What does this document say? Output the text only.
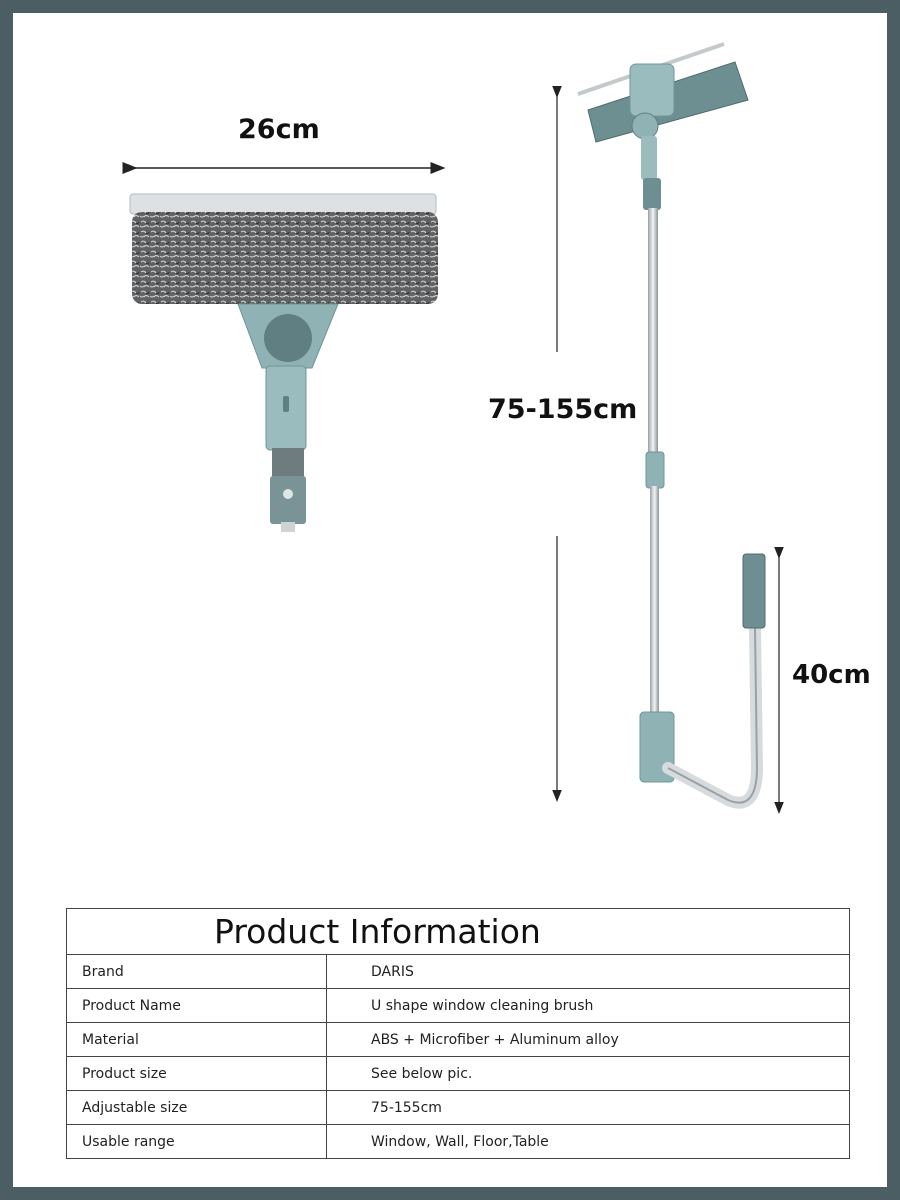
26cm
75-155cm
40cm
Product Information	
Brand	DARIS
Product Name	U shape window cleaning brush
Material	ABS + Microfiber + Aluminum alloy
Product size	See below pic.
Adjustable size	75-155cm
Usable range	Window, Wall, Floor,Table
